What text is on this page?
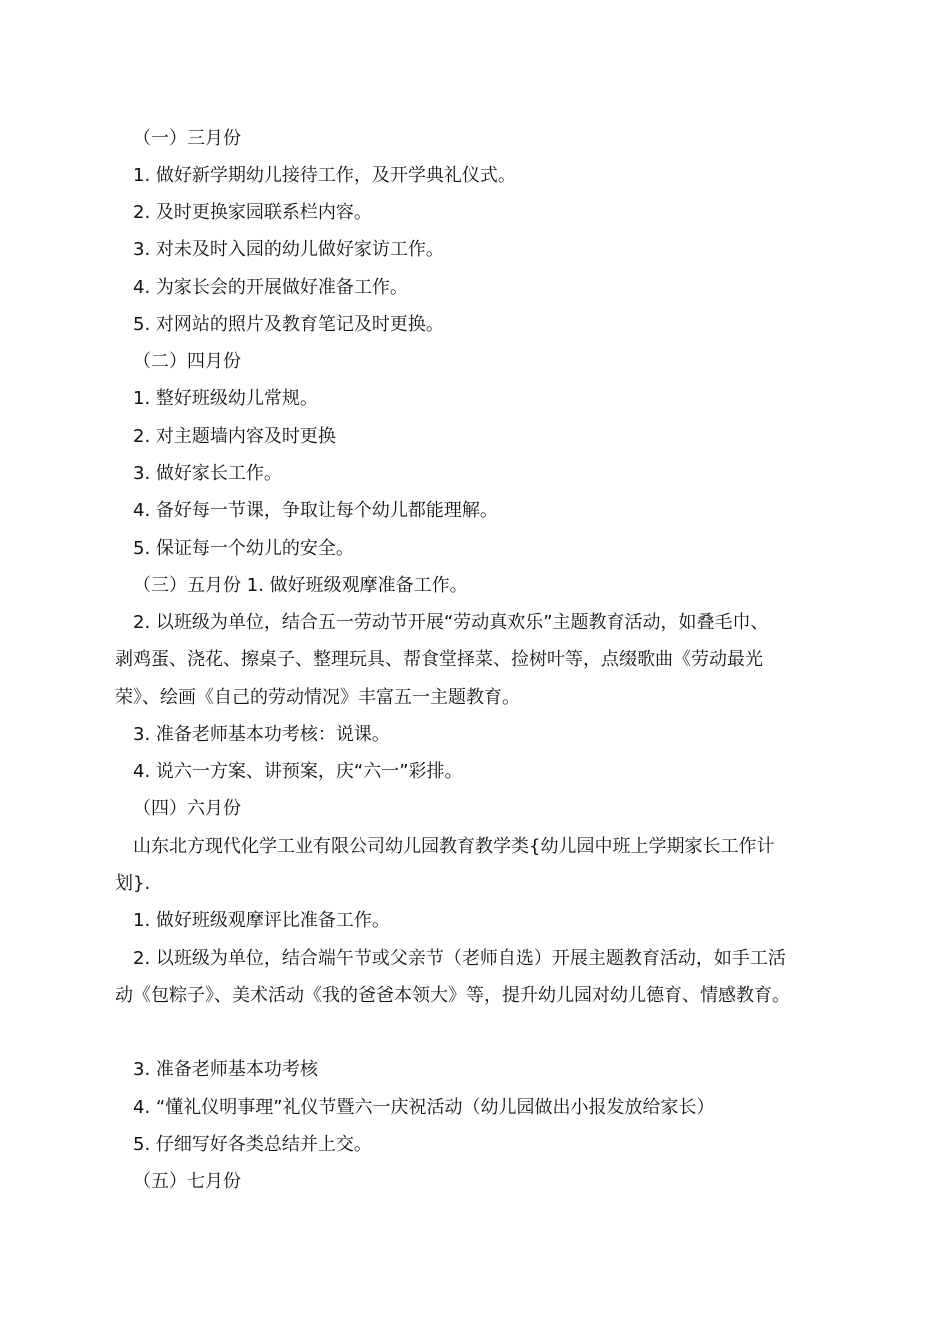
（一）三月份
1. 做好新学期幼儿接待工作，及开学典礼仪式。
2. 及时更换家园联系栏内容。
3. 对未及时入园的幼儿做好家访工作。
4. 为家长会的开展做好准备工作。
5. 对网站的照片及教育笔记及时更换。
（二）四月份
1. 整好班级幼儿常规。
2. 对主题墙内容及时更换
3. 做好家长工作。
4. 备好每一节课，争取让每个幼儿都能理解。
5. 保证每一个幼儿的安全。
（三）五月份 1. 做好班级观摩准备工作。
2. 以班级为单位，结合五一劳动节开展“劳动真欢乐”主题教育活动，如叠毛巾、
剥鸡蛋、浇花、擦桌子、整理玩具、帮食堂择菜、捡树叶等，点缀歌曲《劳动最光
荣》、绘画《自己的劳动情况》丰富五一主题教育。
3. 准备老师基本功考核：说课。
4. 说六一方案、讲预案，庆“六一”彩排。
（四）六月份
山东北方现代化学工业有限公司幼儿园教育教学类{幼儿园中班上学期家长工作计
划}.
1. 做好班级观摩评比准备工作。
2. 以班级为单位，结合端午节或父亲节（老师自选）开展主题教育活动，如手工活
动《包粽子》、美术活动《我的爸爸本领大》等，提升幼儿园对幼儿德育、情感教育。
3. 准备老师基本功考核
4. “懂礼仪明事理”礼仪节暨六一庆祝活动（幼儿园做出小报发放给家长）
5. 仔细写好各类总结并上交。
（五）七月份
